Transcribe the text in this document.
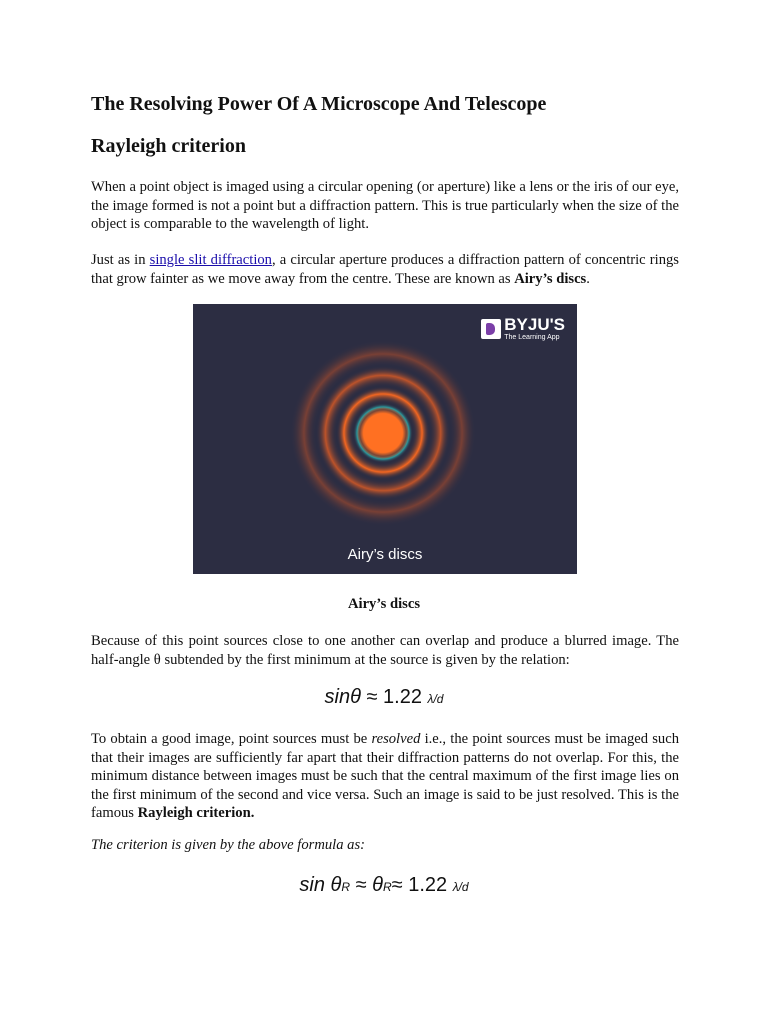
The Resolving Power Of A Microscope And Telescope
Rayleigh criterion

When a point object is imaged using a circular opening (or aperture) like a lens or the iris of our eye, the image formed is not a point but a diffraction pattern. This is true particularly when the size of the object is comparable to the wavelength of light.

Just as in single slit diffraction, a circular aperture produces a diffraction pattern of concentric rings that grow fainter as we move away from the centre. These are known as Airy’s discs.

BYJU'S
The Learning App
Airy’s discs
Airy’s discs

Because of this point sources close to one another can overlap and produce a blurred image. The half-angle θ subtended by the first minimum at the source is given by the relation:

sinθ ≈ 1.22 λ/d

To obtain a good image, point sources must be resolved i.e., the point sources must be imaged such that their images are sufficiently far apart that their diffraction patterns do not overlap. For this, the minimum distance between images must be such that the central maximum of the first image lies on the first minimum of the second and vice versa. Such an image is said to be just resolved. This is the famous Rayleigh criterion.

The criterion is given by the above formula as:

sin θR ≈ θR≈ 1.22 λ/d
